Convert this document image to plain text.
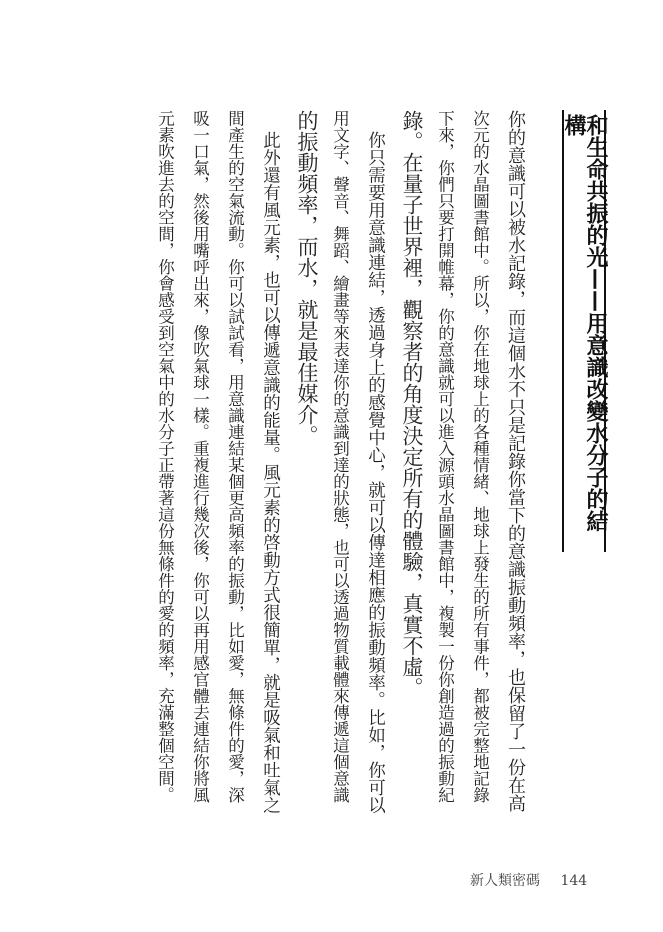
和生命共振的光——用意識改變水分子的結構
你的意識可以被水記錄，而這個水不只是記錄你當下的意識振動頻率，也保留了一份在高
次元的水晶圖書館中。所以，你在地球上的各種情緒、地球上發生的所有事件，都被完整地記錄
下來，你們只要打開帷幕，你的意識就可以進入源頭水晶圖書館中，複製一份你創造過的振動紀
錄。在量子世界裡，觀察者的角度決定所有的體驗，真實不虛。
你只需要用意識連結，透過身上的感覺中心，就可以傳達相應的振動頻率。比如，你可以
用文字、聲音、舞蹈、繪畫等來表達你的意識到達的狀態，也可以透過物質載體來傳遞這個意識
的振動頻率，而水，就是最佳媒介。
此外還有風元素，也可以傳遞意識的能量。風元素的啓動方式很簡單，就是吸氣和吐氣之
間產生的空氣流動。你可以試試看，用意識連結某個更高頻率的振動，比如愛，無條件的愛，深
吸一口氣，然後用嘴呼出來，像吹氣球一樣。重複進行幾次後，你可以再用感官體去連結你將風
元素吹進去的空間，你會感受到空氣中的水分子正帶著這份無條件的愛的頻率，充滿整個空間。
新人類密碼 144
